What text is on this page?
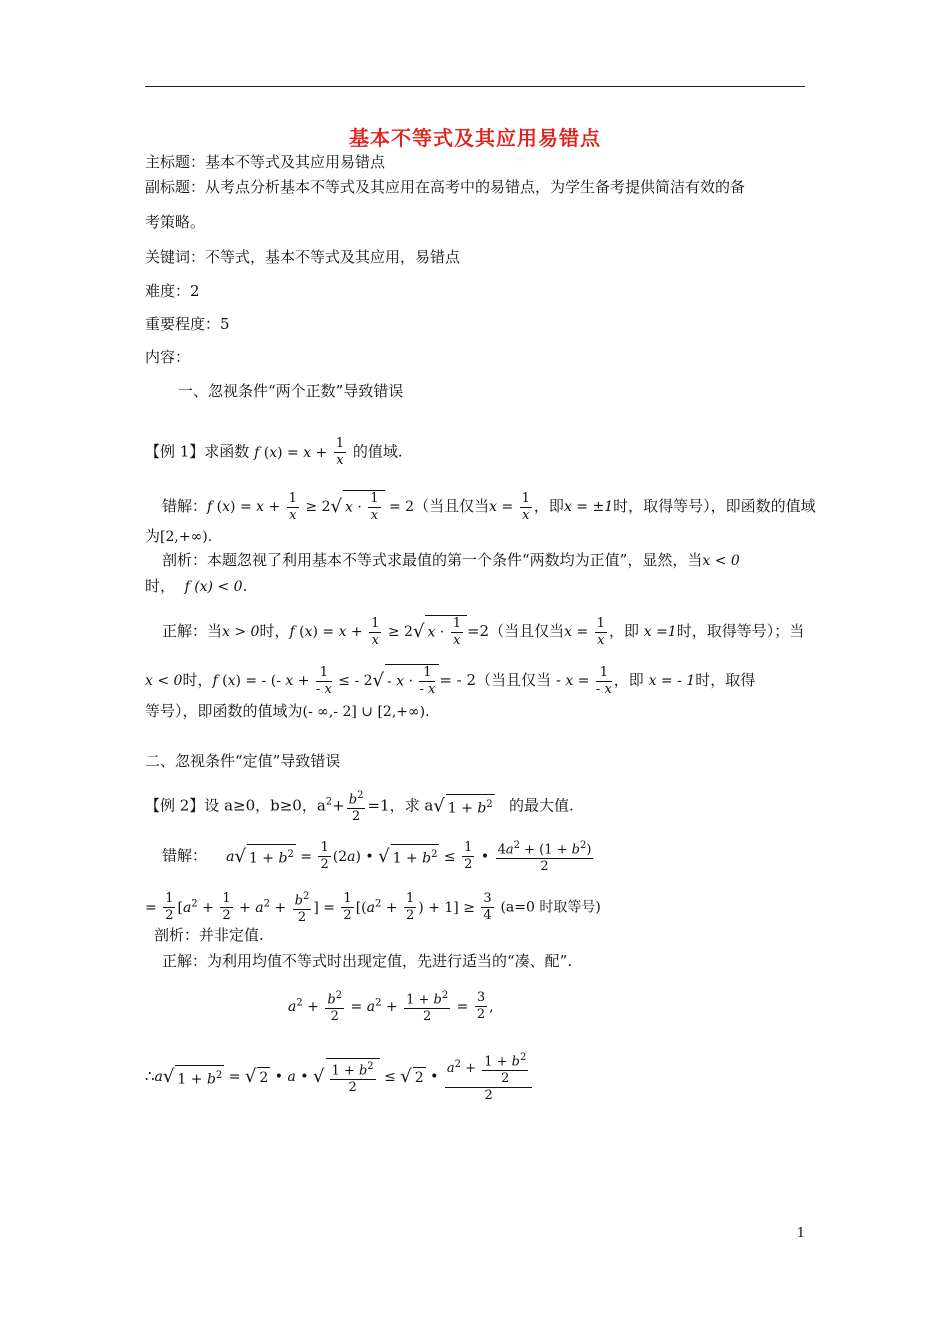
基本不等式及其应用易错点
主标题：基本不等式及其应用易错点
副标题：从考点分析基本不等式及其应用在高考中的易错点，为学生备考提供简洁有效的备
考策略。
关键词：不等式，基本不等式及其应用，易错点
难度：2
重要程度：5
内容：
一、忽视条件“两个正数”导致错误
【例 1】求函数 f $(x) = x + \frac{1}{x}$ 的值域.
错解：f $(x) = x + \frac{1}{x} \ge 2√$ $x \cdot \frac{1}{x} = 2$（当且仅当$x = \frac{1}{x}$ ，即x = ±1时，取得等号），即函数的值域
为[2,+∞).
剖析：本题忽视了利用基本不等式求最值的第一个条件“两数均为正值”，显然，当x < 0
时， f (x) < 0.
正解：当x > 0时，f $(x) = x + \frac{1}{x} \ge 2√$ $x \cdot \frac{1}{x} =2$（当且仅当$x = \frac{1}{x}$ ，即 x =1时，取得等号）；当
x < 0时，f (x) = - (- $x + \frac{1}{- x}$ ≤ - $2√ - x \cdot \frac{1}{- x}$ = - 2（当且仅当 - $x = \frac{1}{- x}$ ，即 x = - 1时，取得
等号），即函数的值域为(- ∞,- 2] ∪ [2,+∞).
二、忽视条件“定值”导致错误
【例 2】设 a≥0，b≥0，$a^2+ \frac{b^2}{2} =1$，求 a√ $1 + b^2$ 的最大值.
错解： a√ $1 + b^2 = \frac{1}{2} (2a)$ • √ $1 + b^2 \le \frac{1}{2}$ • $\frac{4a^2 + (1 + b^2)}{2}$
= $\frac{1}{2} [a^2 + \frac{1}{2} + a^2 + \frac{b^2}{2}$ ] = $\frac{1}{2} [(a^2 + \frac{1}{2}$ ) + $1] \ge \frac{3}{4} (a=0$ 时取等号)
剖析：并非定值.
正解：为利用均值不等式时出现定值，先进行适当的“凑、配”.
$a^2 + \frac{b^2}{2} = a^2 + \frac{1 + b^2}{2} = \frac{3}{2}$ ,
∴a√ $1 + b^2$ = √ 2 • a • √ $\frac{1 + b^2}{2}$ ≤ √ 2 • $\frac{a^2 + \frac{1 + b^2}{2}}{2}$
1
